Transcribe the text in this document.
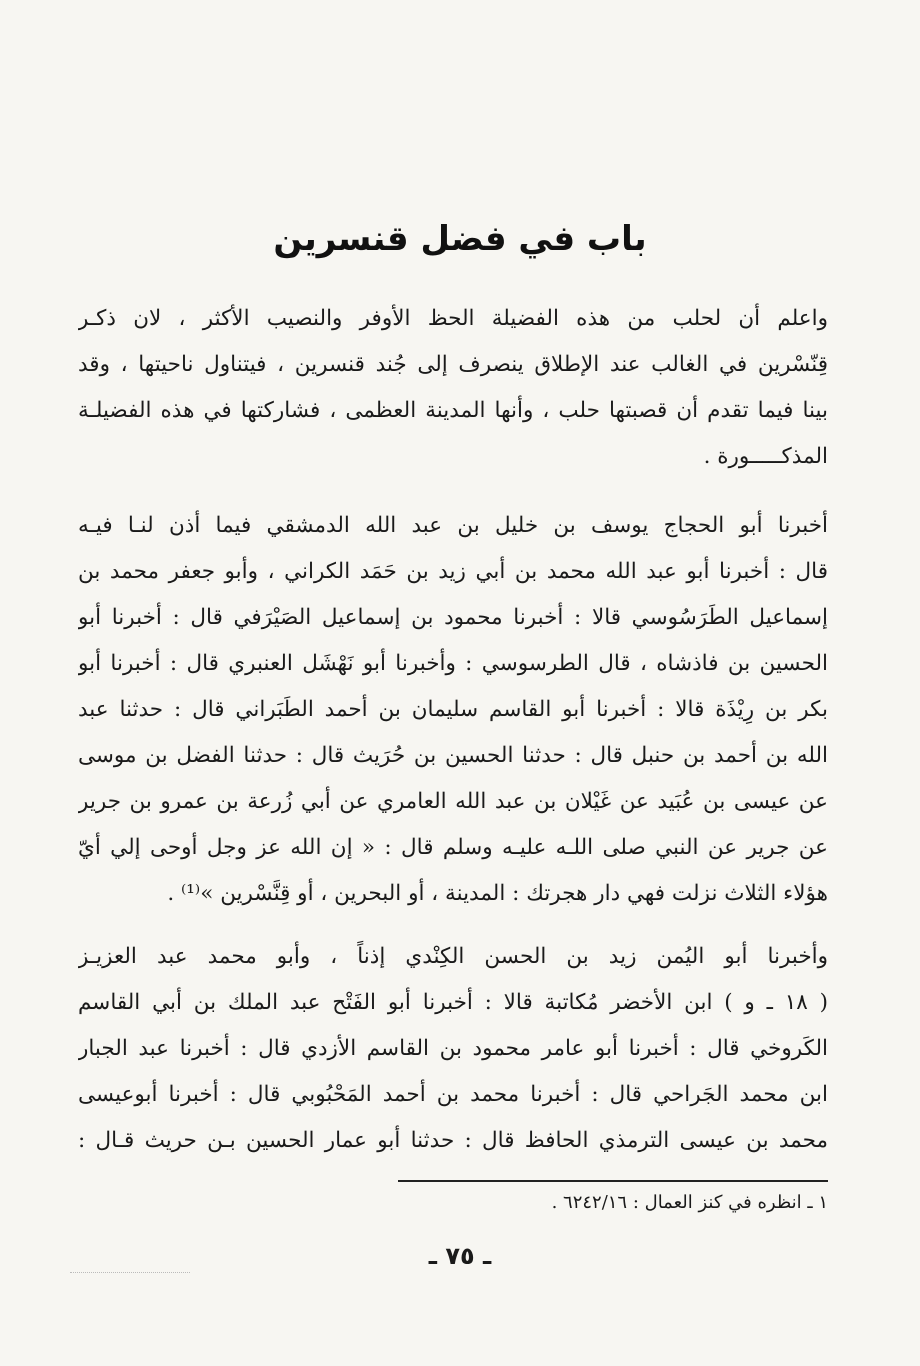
باب في فضل قنسرين
واعلم أن لحلب من هذه الفضيلة الحظ الأوفر والنصيب الأكثر ، لان ذكـر
قِنّسْرين في الغالب عند الإطلاق ينصرف إلى جُند قنسرين ، فيتناول ناحيتها ، وقد
بينا فيما تقدم أن قصبتها حلب ، وأنها المدينة العظمى ، فشاركتها في هذه الفضيلـة
المذكـــــورة .
أخبرنا أبو الحجاج يوسف بن خليل بن عبد الله الدمشقي فيما أذن لنـا فيـه
قال : أخبرنا أبو عبد الله محمد بن أبي زيد بن حَمَد الكراني ، وأبو جعفر محمد بن
إسماعيل الطَرَسُوسي قالا : أخبرنا محمود بن إسماعيل الصَيْرَفي قال : أخبرنا أبو
الحسين بن فاذشاه ، قال الطرسوسي : وأخبرنا أبو نَهْشَل العنبري قال : أخبرنا أبو
بكر بن رِيْذَة قالا : أخبرنا أبو القاسم سليمان بن أحمد الطَبَراني قال : حدثنا عبد
الله بن أحمد بن حنبل قال : حدثنا الحسين بن حُرَيث قال : حدثنا الفضل بن موسى
عن عيسى بن عُبَيد عن غَيْلان بن عبد الله العامري عن أبي زُرعة بن عمرو بن جرير
عن جرير عن النبي صلى اللـه عليـه وسلم قال : « إن الله عز وجل أوحى إلي أيّ
هؤلاء الثلاث نزلت فهي دار هجرتك : المدينة ، أو البحرين ، أو قِنَّسْرين »⁽¹⁾ .
وأخبرنا أبو اليُمن زيد بن الحسن الكِنْدي إذناً ، وأبو محمد عبد العزيـز
( ١٨ ـ و ) ابن الأخضر مُكاتبة قالا : أخبرنا أبو الفَتْح عبد الملك بن أبي القاسم
الكَروخي قال : أخبرنا أبو عامر محمود بن القاسم الأزدي قال : أخبرنا عبد الجبار
ابن محمد الجَراحي قال : أخبرنا محمد بن أحمد المَحْبُوبي قال : أخبرنا أبوعيسى
محمد بن عيسى الترمذي الحافظ قال : حدثنا أبو عمار الحسين بـن حريث قـال :
١ ـ انظره في كنز العمال : ٦٢٤٢/١٦ .
ـ ٧٥ ـ
